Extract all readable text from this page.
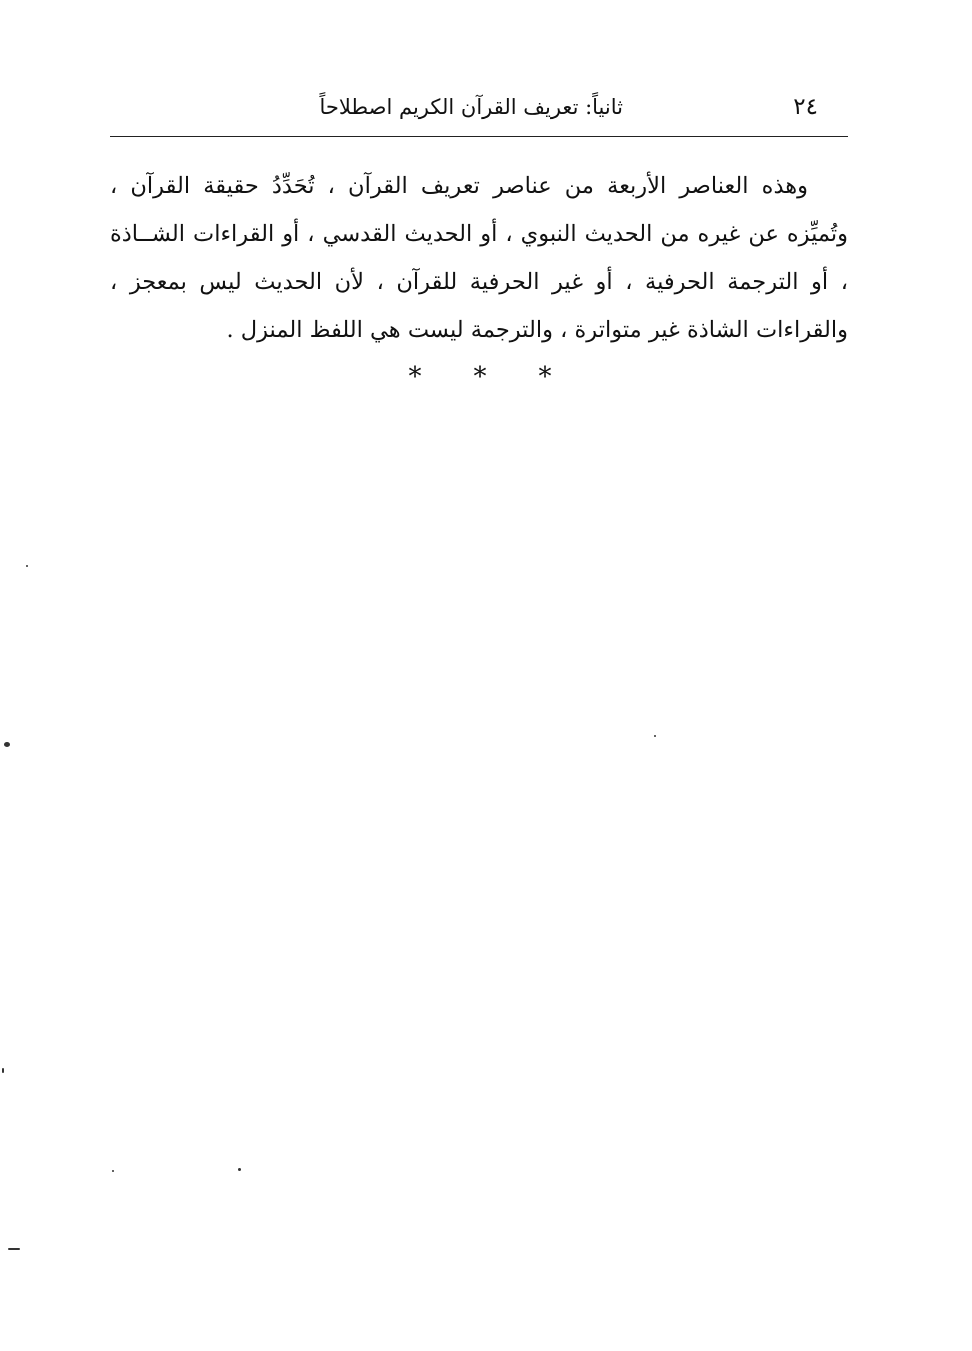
٢٤
ثانياً: تعريف القرآن الكريم اصطلاحاً

وهذه العناصر الأربعة من عناصر تعريف القرآن ، تُحَدِّدُ حقيقة القرآن ، وتُميِّزه عن غيره من الحديث النبوي ، أو الحديث القدسي ، أو القراءات الشــاذة ، أو الترجمة الحرفية ، أو غير الحرفية للقرآن ، لأن الحديث ليس بمعجز ، والقراءات الشاذة غير متواترة ، والترجمة ليست هي اللفظ المنزل .

*	*	*
